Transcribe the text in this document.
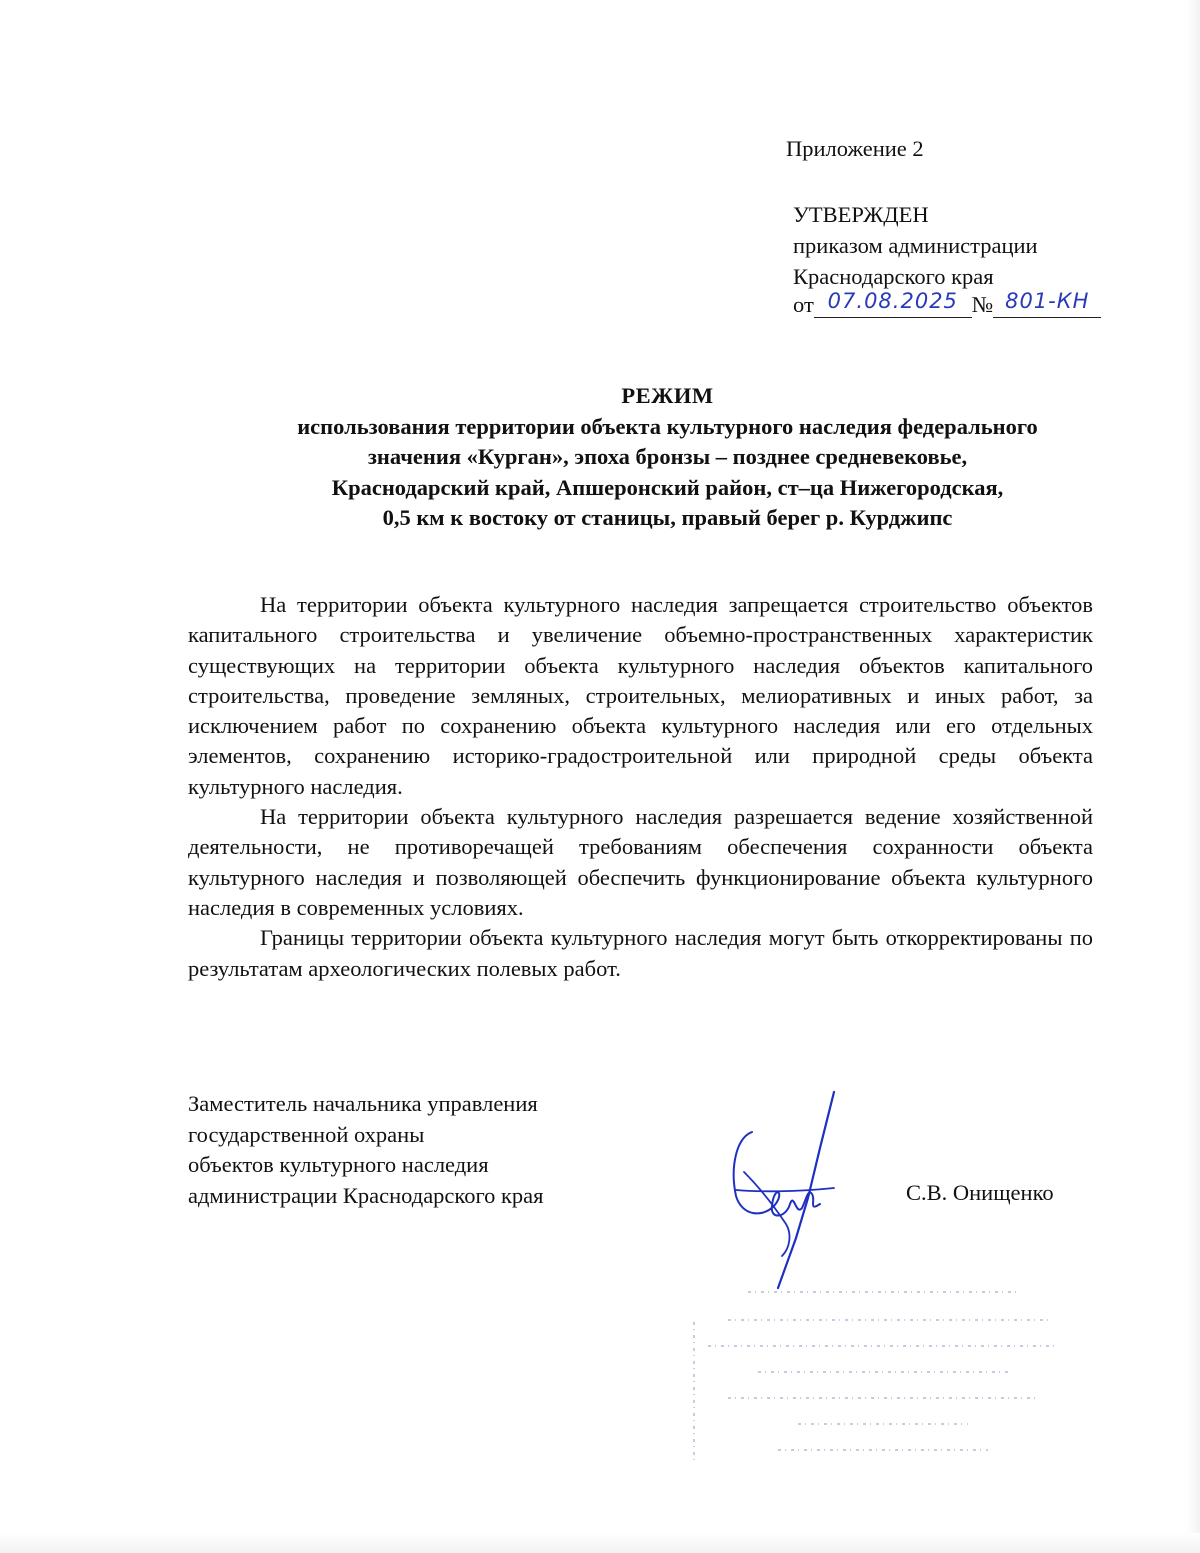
Приложение 2
УТВЕРЖДЕН
приказом администрации
Краснодарского края
от 07.08.2025 № 801-КН
РЕЖИМ
использования территории объекта культурного наследия федерального
значения «Курган», эпоха бронзы – позднее средневековье,
Краснодарский край, Апшеронский район, ст–ца Нижегородская,
0,5 км к востоку от станицы, правый берег р. Курджипс

На территории объекта культурного наследия запрещается строительство объектов капитального строительства и увеличение объемно-пространственных характеристик существующих на территории объекта культурного наследия объектов капитального строительства, проведение земляных, строительных, мелиоративных и иных работ, за исключением работ по сохранению объекта культурного наследия или его отдельных элементов, сохранению историко-градостроительной или природной среды объекта культурного наследия.

На территории объекта культурного наследия разрешается ведение хозяйственной деятельности, не противоречащей требованиям обеспечения сохранности объекта культурного наследия и позволяющей обеспечить функционирование объекта культурного наследия в современных условиях.

Границы территории объекта культурного наследия могут быть откорректированы по результатам археологических полевых работ.

Заместитель начальника управления
государственной охраны
объектов культурного наследия
администрации Краснодарского края	С.В. Онищенко
